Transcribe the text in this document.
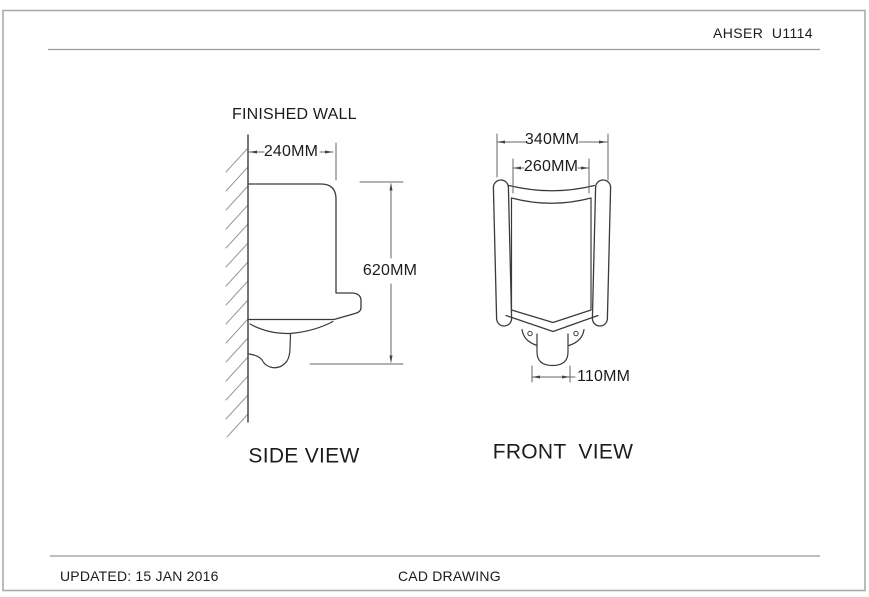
AHSER  U1114
FINISHED WALL
240MM
620MM
340MM
260MM
110MM
SIDE VIEW	FRONT  VIEW
UPDATED: 15 JAN 2016	CAD DRAWING
